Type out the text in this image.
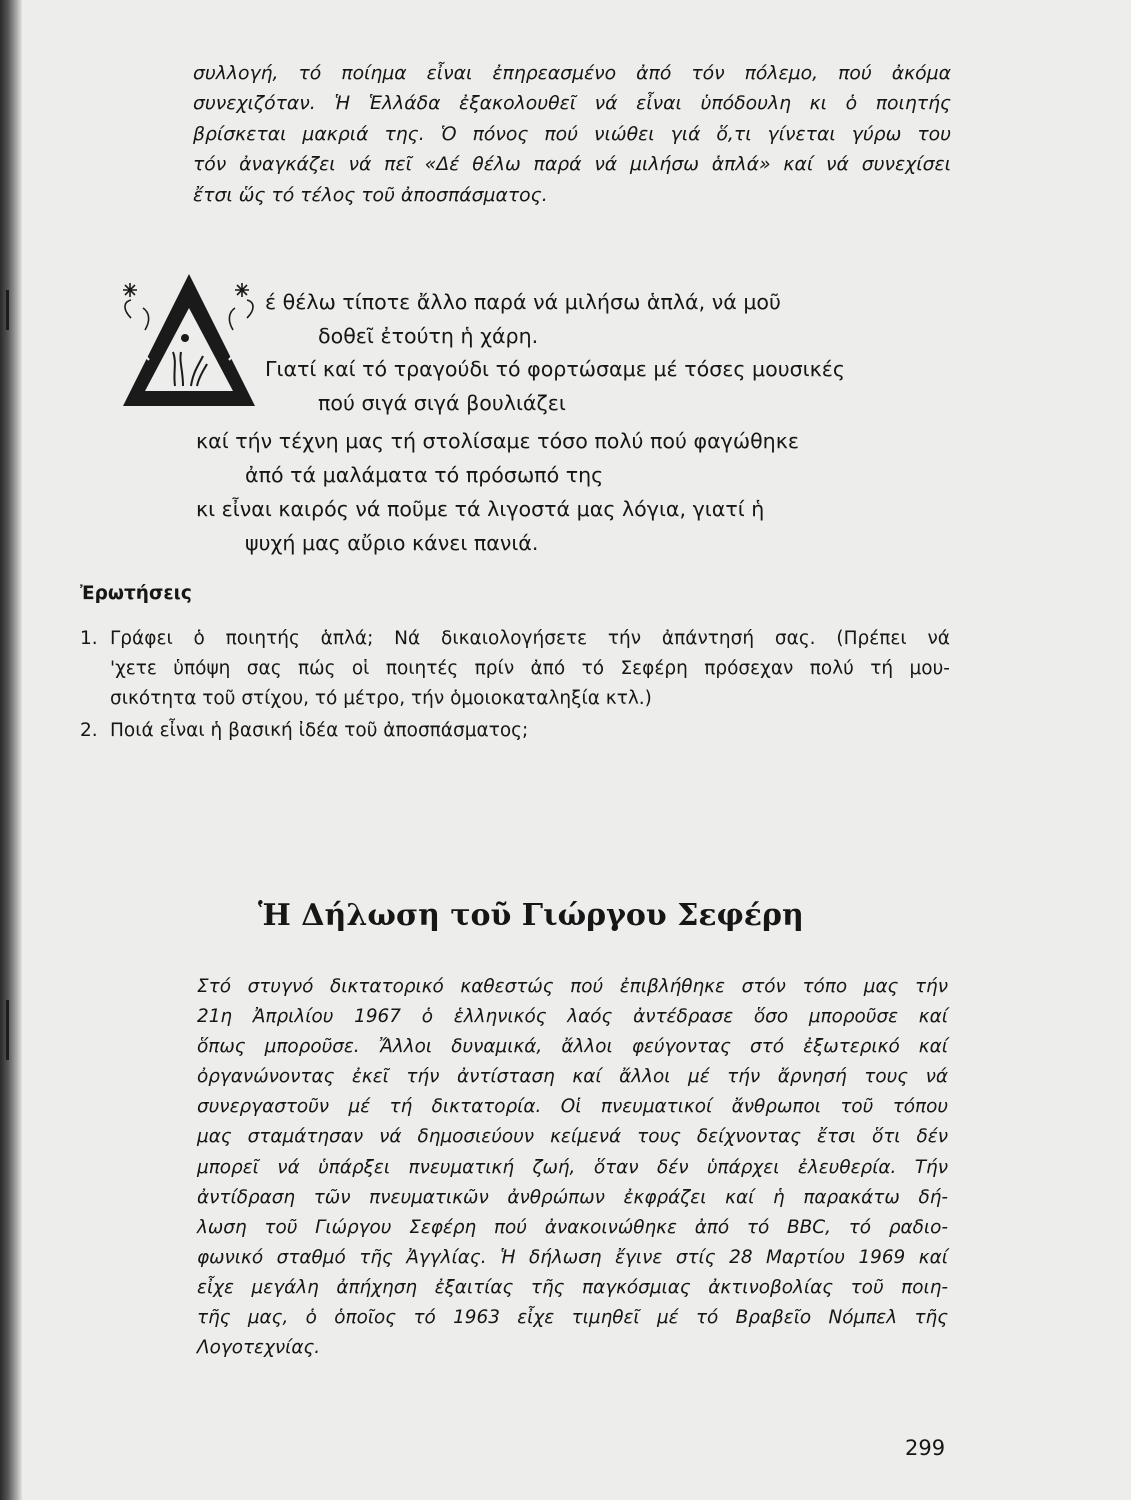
συλλογή, τό ποίημα εἶναι ἐπηρεασμένο ἀπό τόν πόλεμο, πού ἀκόμα
συνεχιζόταν. Ἡ Ἑλλάδα ἐξακολουθεῖ νά εἶναι ὑπόδουλη κι ὁ ποιητής
βρίσκεται μακριά της. Ὁ πόνος πού νιώθει γιά ὅ,τι γίνεται γύρω του
τόν ἀναγκάζει νά πεῖ «Δέ θέλω παρά νά μιλήσω ἁπλά» καί νά συνεχίσει
ἔτσι ὥς τό τέλος τοῦ ἀποσπάσματος.
έ θέλω τίποτε ἄλλο παρά νά μιλήσω ἁπλά, νά μοῦ
δοθεῖ ἐτούτη ἡ χάρη.
Γιατί καί τό τραγούδι τό φορτώσαμε μέ τόσες μουσικές
πού σιγά σιγά βουλιάζει
καί τήν τέχνη μας τή στολίσαμε τόσο πολύ πού φαγώθηκε
ἀπό τά μαλάματα τό πρόσωπό της
κι εἶναι καιρός νά ποῦμε τά λιγοστά μας λόγια, γιατί ἡ
ψυχή μας αὔριο κάνει πανιά.
Ἐρωτήσεις
1. Γράφει ὁ ποιητής ἁπλά; Νά δικαιολογήσετε τήν ἀπάντησή σας. (Πρέπει νά
'χετε ὑπόψη σας πώς οἱ ποιητές πρίν ἀπό τό Σεφέρη πρόσεχαν πολύ τή μου-
σικότητα τοῦ στίχου, τό μέτρο, τήν ὁμοιοκαταληξία κτλ.)
2. Ποιά εἶναι ἡ βασική ἰδέα τοῦ ἀποσπάσματος;
Ἡ Δήλωση τοῦ Γιώργου Σεφέρη
Στό στυγνό δικτατορικό καθεστώς πού ἐπιβλήθηκε στόν τόπο μας τήν
21η Ἀπριλίου 1967 ὁ ἑλληνικός λαός ἀντέδρασε ὅσο μποροῦσε καί
ὅπως μποροῦσε. Ἄλλοι δυναμικά, ἄλλοι φεύγοντας στό ἐξωτερικό καί
ὀργανώνοντας ἐκεῖ τήν ἀντίσταση καί ἄλλοι μέ τήν ἄρνησή τους νά
συνεργαστοῦν μέ τή δικτατορία. Οἱ πνευματικοί ἄνθρωποι τοῦ τόπου
μας σταμάτησαν νά δημοσιεύουν κείμενά τους δείχνοντας ἔτσι ὅτι δέν
μπορεῖ νά ὑπάρξει πνευματική ζωή, ὅταν δέν ὑπάρχει ἐλευθερία. Τήν
ἀντίδραση τῶν πνευματικῶν ἀνθρώπων ἐκφράζει καί ἡ παρακάτω δή-
λωση τοῦ Γιώργου Σεφέρη πού ἀνακοινώθηκε ἀπό τό BBC, τό ραδιο-
φωνικό σταθμό τῆς Ἀγγλίας. Ἡ δήλωση ἔγινε στίς 28 Μαρτίου 1969 καί
εἶχε μεγάλη ἀπήχηση ἐξαιτίας τῆς παγκόσμιας ἀκτινοβολίας τοῦ ποιη-
τῆς μας, ὁ ὁποῖος τό 1963 εἶχε τιμηθεῖ μέ τό Βραβεῖο Νόμπελ τῆς
Λογοτεχνίας.
299
